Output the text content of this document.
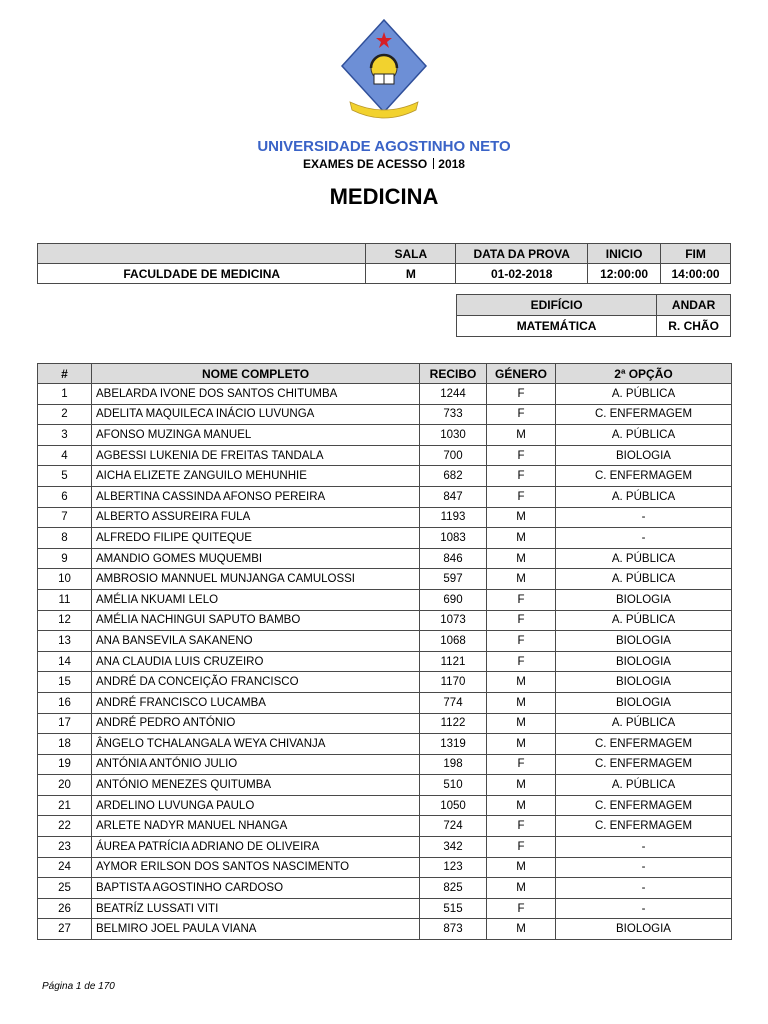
UNIVERSIDADE AGOSTINHO NETO
EXAMES DE ACESSO 2018
MEDICINA
	SALA	DATA DA PROVA	INICIO	FIM
FACULDADE DE MEDICINA	M	01-02-2018	12:00:00	14:00:00
EDIFÍCIO	ANDAR
MATEMÁTICA	R. CHÃO
#	NOME COMPLETO	RECIBO	GÉNERO	2ª OPÇÃO
1	ABELARDA IVONE DOS SANTOS CHITUMBA	1244	F	A. PÚBLICA
2	ADELITA MAQUILECA INÁCIO LUVUNGA	733	F	C. ENFERMAGEM
3	AFONSO MUZINGA MANUEL	1030	M	A. PÚBLICA
4	AGBESSI LUKENIA DE FREITAS TANDALA	700	F	BIOLOGIA
5	AICHA ELIZETE ZANGUILO MEHUNHIE	682	F	C. ENFERMAGEM
6	ALBERTINA CASSINDA AFONSO PEREIRA	847	F	A. PÚBLICA
7	ALBERTO ASSUREIRA FULA	1193	M	-
8	ALFREDO FILIPE QUITEQUE	1083	M	-
9	AMANDIO GOMES MUQUEMBI	846	M	A. PÚBLICA
10	AMBROSIO MANNUEL MUNJANGA CAMULOSSI	597	M	A. PÚBLICA
11	AMÉLIA NKUAMI LELO	690	F	BIOLOGIA
12	AMÉLIA NACHINGUI SAPUTO BAMBO	1073	F	A. PÚBLICA
13	ANA BANSEVILA SAKANENO	1068	F	BIOLOGIA
14	ANA CLAUDIA LUIS CRUZEIRO	1121	F	BIOLOGIA
15	ANDRÉ DA CONCEIÇÃO FRANCISCO	1170	M	BIOLOGIA
16	ANDRÉ FRANCISCO LUCAMBA	774	M	BIOLOGIA
17	ANDRÉ PEDRO ANTÓNIO	1122	M	A. PÚBLICA
18	ÂNGELO TCHALANGALA WEYA CHIVANJA	1319	M	C. ENFERMAGEM
19	ANTÓNIA ANTÓNIO JULIO	198	F	C. ENFERMAGEM
20	ANTÓNIO MENEZES QUITUMBA	510	M	A. PÚBLICA
21	ARDELINO LUVUNGA PAULO	1050	M	C. ENFERMAGEM
22	ARLETE NADYR MANUEL NHANGA	724	F	C. ENFERMAGEM
23	ÁUREA PATRÍCIA ADRIANO DE OLIVEIRA	342	F	-
24	AYMOR ERILSON DOS SANTOS NASCIMENTO	123	M	-
25	BAPTISTA AGOSTINHO CARDOSO	825	M	-
26	BEATRÍZ LUSSATI VITI	515	F	-
27	BELMIRO JOEL PAULA VIANA	873	M	BIOLOGIA
Página 1 de 170
